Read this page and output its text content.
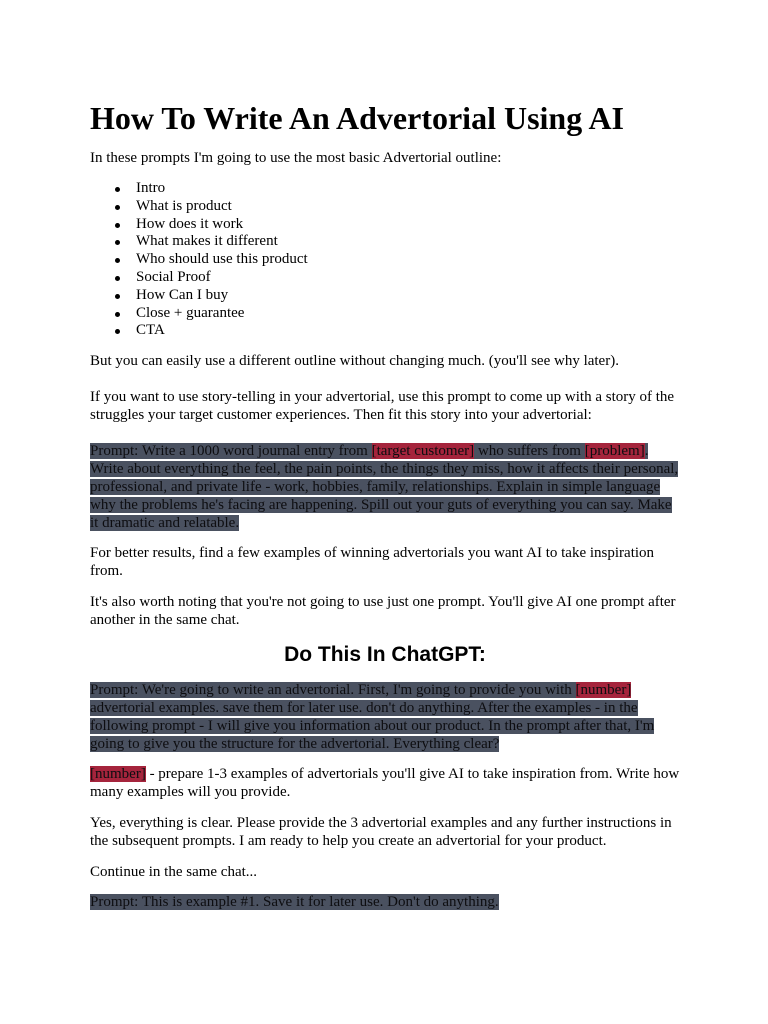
How To Write An Advertorial Using AI

In these prompts I'm going to use the most basic Advertorial outline:

Intro
What is product
How does it work
What makes it different
Who should use this product
Social Proof
How Can I buy
Close + guarantee
CTA

But you can easily use a different outline without changing much. (you'll see why later).

If you want to use story-telling in your advertorial, use this prompt to come up with a story of the struggles your target customer experiences. Then fit this story into your advertorial:

Prompt: Write a 1000 word journal entry from [target customer] who suffers from [problem]. Write about everything the feel, the pain points, the things they miss, how it affects their personal, professional, and private life - work, hobbies, family, relationships. Explain in simple language why the problems he's facing are happening. Spill out your guts of everything you can say. Make it dramatic and relatable.

For better results, find a few examples of winning advertorials you want AI to take inspiration from.

It's also worth noting that you're not going to use just one prompt. You'll give AI one prompt after another in the same chat.

Do This In ChatGPT:

Prompt: We're going to write an advertorial. First, I'm going to provide you with [number] advertorial examples. save them for later use. don't do anything. After the examples - in the following prompt - I will give you information about our product. In the prompt after that, I'm going to give you the structure for the advertorial. Everything clear?

[number] - prepare 1-3 examples of advertorials you'll give AI to take inspiration from. Write how many examples will you provide.

Yes, everything is clear. Please provide the 3 advertorial examples and any further instructions in the subsequent prompts. I am ready to help you create an advertorial for your product.

Continue in the same chat...

Prompt: This is example #1. Save it for later use. Don't do anything.
